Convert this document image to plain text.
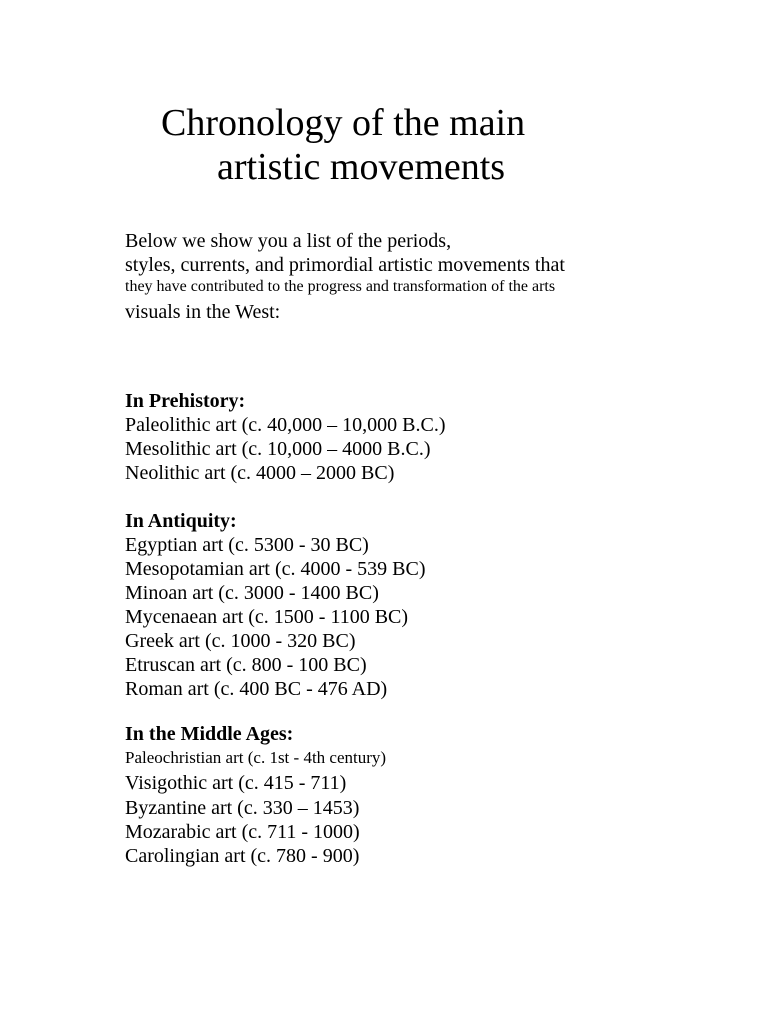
Chronology of the main
artistic movements
Below we show you a list of the periods,
styles, currents, and primordial artistic movements that
they have contributed to the progress and transformation of the arts
visuals in the West:
In Prehistory:
Paleolithic art (c. 40,000 – 10,000 B.C.)
Mesolithic art (c. 10,000 – 4000 B.C.)
Neolithic art (c. 4000 – 2000 BC)
In Antiquity:
Egyptian art (c. 5300 - 30 BC)
Mesopotamian art (c. 4000 - 539 BC)
Minoan art (c. 3000 - 1400 BC)
Mycenaean art (c. 1500 - 1100 BC)
Greek art (c. 1000 - 320 BC)
Etruscan art (c. 800 - 100 BC)
Roman art (c. 400 BC - 476 AD)
In the Middle Ages:
Paleochristian art (c. 1st - 4th century)
Visigothic art (c. 415 - 711)
Byzantine art (c. 330 – 1453)
Mozarabic art (c. 711 - 1000)
Carolingian art (c. 780 - 900)
